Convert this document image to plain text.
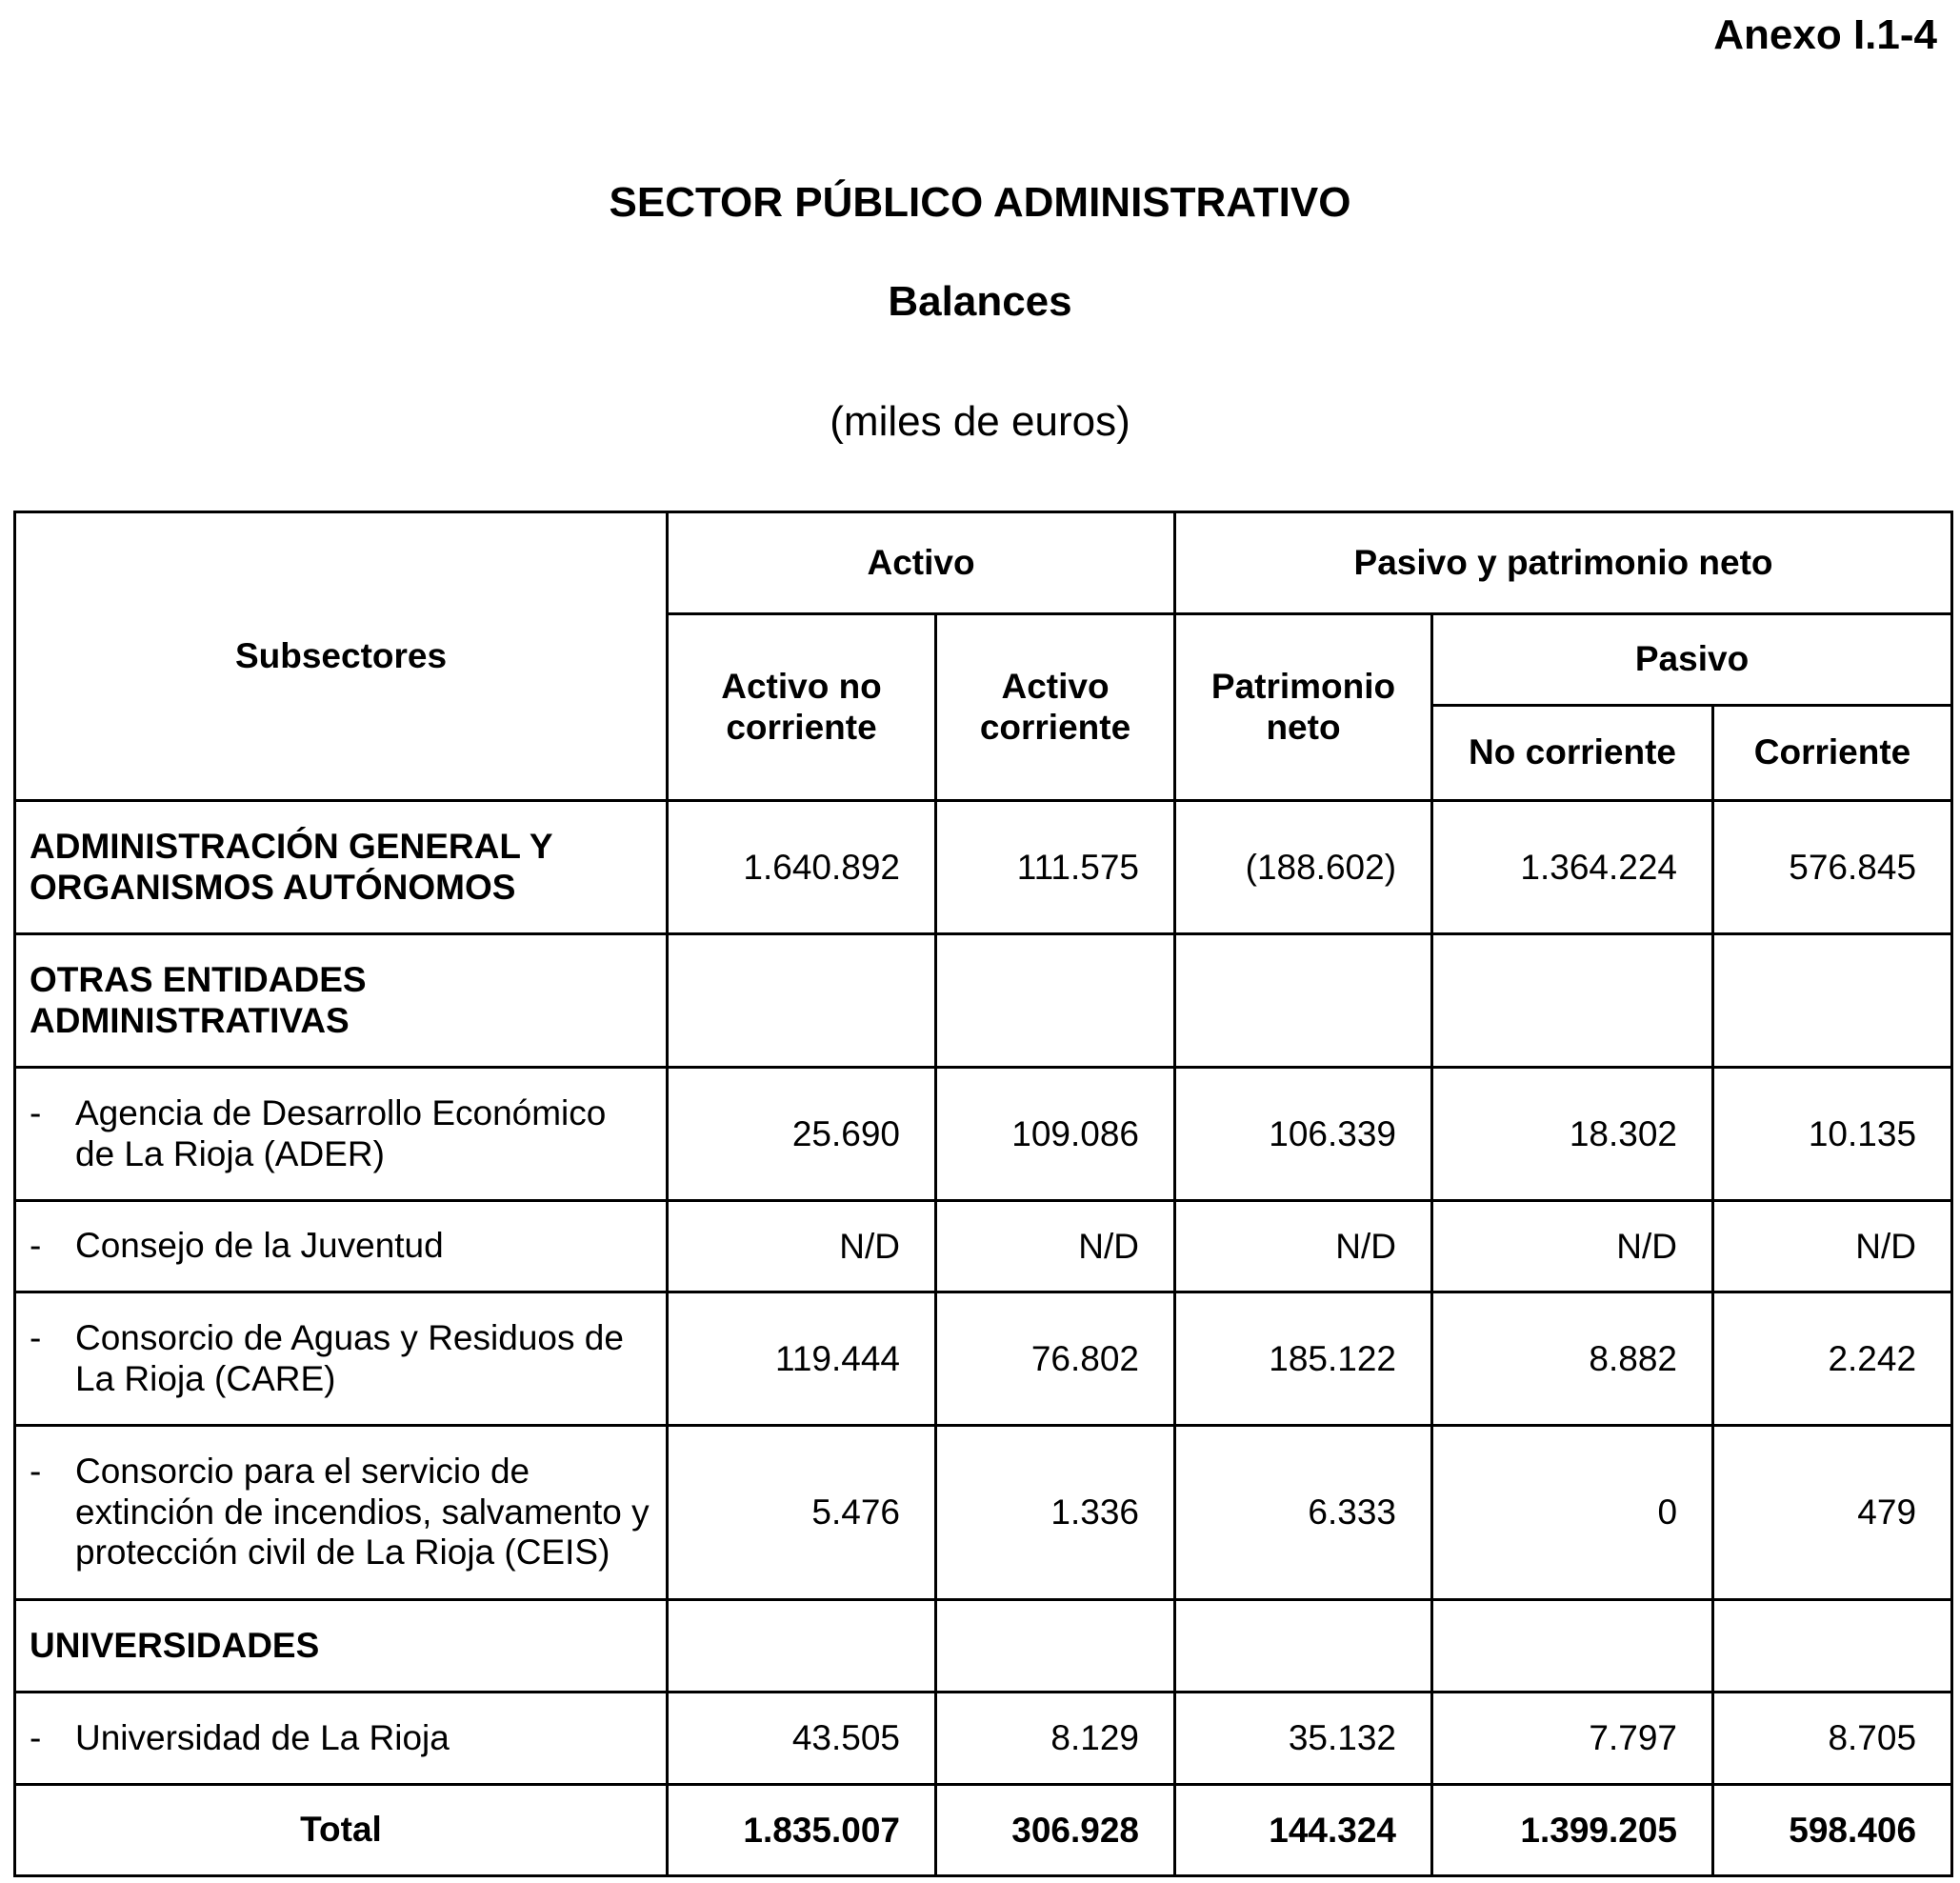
Anexo I.1-4
SECTOR PÚBLICO ADMINISTRATIVO
Balances
(miles de euros)
Subsectores	Activo		Pasivo y patrimonio neto		
	Activo no corriente	Activo corriente	Patrimonio neto	Pasivo	
				No corriente	Corriente
ADMINISTRACIÓN GENERAL Y ORGANISMOS AUTÓNOMOS	1.640.892	111.575	(188.602)	1.364.224	576.845
OTRAS ENTIDADES ADMINISTRATIVAS					

- Agencia de Desarrollo Económico de La Rioja (ADER)	25.690	109.086	106.339	18.302	10.135

- Consejo de la Juventud	N/D	N/D	N/D	N/D	N/D

- Consorcio de Aguas y Residuos de La Rioja (CARE)	119.444	76.802	185.122	8.882	2.242

- Consorcio para el servicio de extinción de incendios, salvamento y protección civil de La Rioja (CEIS)	5.476	1.336	6.333	0	479
UNIVERSIDADES					

- Universidad de La Rioja	43.505	8.129	35.132	7.797	8.705
Total	1.835.007	306.928	144.324	1.399.205	598.406
